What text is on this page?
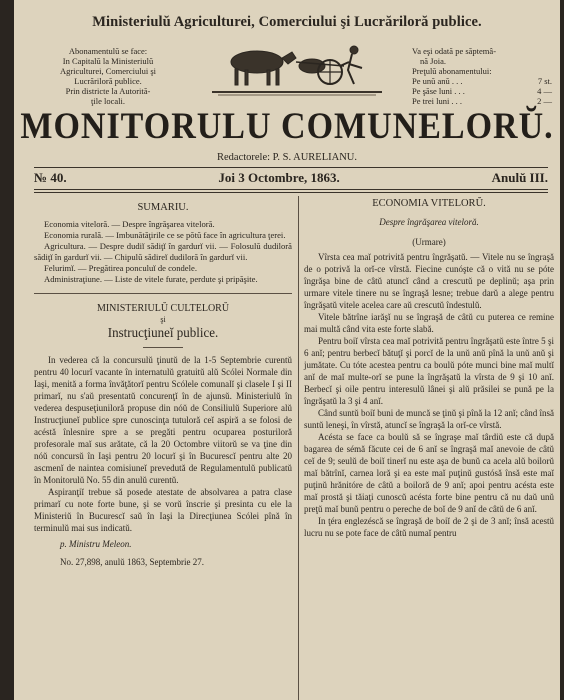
Ministeriulŭ Agriculturei, Comerciului şi Lucrăriloră publice.
Abonamentulŭ se face:
In Capitalŭ la Ministeriulŭ
Agriculturei, Comerciului şi
Lucrăriloră publice.
Prin districte la Autorită-
ţile locali.
Va eşi odată pe săptemâ-
nă Joia.
Preţulŭ abonamentului:
Pe unŭ anŭ . . .	7 st.
Pe şăse luni . . .	4 —
Pe trei luni . . .	2 —
MONITORULU COMUNELORŬ.
Redactorele: P. S. AURELIANU.
№ 40.	Joi 3 Octombre, 1863.	Anulŭ III.
SUMARIU.

Economia viteloră. — Despre îngrăşarea viteloră.

Economia rurală. — Imbunătăţirile ce se pŏtŭ face în agricultura ţerei.

Agricultura. — Despre dudiĭ sădiţĭ în gardurĭ vii. — Folosulŭ dudiloră sădiţĭ în gardurĭ vii. — Chipulŭ sădireĭ dudiloră în gardurĭ vii.

Felurimĭ. — Pregătirea ponculuĭ de condele.

Administraţiune. — Liste de vitele furate, perdute şi pripăşite.

MINISTERIULŬ CULTELORŬ
şi
Instrucţiuneĭ publice.

In vederea că la concursulŭ ţinutŭ de la 1-5 Septembrie curentŭ pentru 40 locurĭ vacante în internatulŭ gratuitŭ alŭ Scólei Normale din Iaşi, menită a forma învăţătorĭ pentru Scólele comunalĭ şi clasele I şi II primarĭ, nu s'aŭ presentatŭ concurenţĭ în de ajunsŭ. Ministeriulŭ în vederea despuseţiuniloră propuse din nóŭ de Consiliulŭ Superiore alŭ Instrucţiuneĭ publice spre cunoscinţa tutuloră ceĭ aspiră a se folosi de acéstă înlesnire spre a se pregăti pentru ocuparea posturiloră profesorale maĭ sus arătate, că la 20 Octombre viitorŭ se va ţine din nóŭ concursŭ în Iaşi pentru 20 locurĭ şi în Bucurescĭ pentru alte 20 ascmenĭ de naintea comisiuneĭ prevedută de Regulamentulŭ publicatŭ în Monitorulŭ No. 55 din anulŭ curentŭ.

Aspiranţiĭ trebue să posede atestate de absolvarea a patra clase primarĭ cu note forte bune, şi se vorŭ înscrie şi presinta cu ele la Ministeriŭ în Bucurescĭ saŭ în Iaşi la Direcţiunea Scólei pînă în terminulŭ mai sus indicatŭ.

p. Ministru Meleon.
No. 27,898, anulŭ 1863, Septembrie 27.
ECONOMIA VITELORŬ.
Despre îngrăşarea viteloră.
(Urmare)

Vîrsta cea maĭ potrivită pentru îngrăşatŭ. — Vitele nu se îngraşă de o potrivă la orĭ-ce vîrstă. Fiecine cunóşte că o vită nu se póte îngrăşa bine de câtŭ atuncĭ când a crescutŭ pe deplinŭ; aşa prin urmare vitele tinere nu se îngraşă lesne; trebue darŭ a alege pentru îngrăşatŭ vitele acelea care aŭ crescutŭ îndestulŭ.

Vitele bătrîne iarăşĭ nu se îngraşă de câtŭ cu puterea ce remine mai multă când vita este forte slabă.

Pentru boiĭ vîrsta cea maĭ potrivită pentru îngrăşatŭ este între 5 şi 6 anĭ; pentru berbecĭ bătuţĭ şi porcĭ de la unŭ anŭ pînă la unŭ anŭ şi jumătate. Cu tóte acestea pentru ca boulŭ póte munci bine maĭ multĭ anĭ de maĭ multe-orĭ se pune la îngrăşatŭ la vîrsta de 9 şi 10 anĭ. Berbecĭ şi oile pentru interesulŭ lânei şi alŭ prăsilei se pună pe la îngrăşatŭ la 3 şi 4 anĭ.

Când suntŭ boiĭ buni de muncă se ţinŭ şi pînă la 12 anĭ; când însă suntŭ leneşi, în vîrstă, atuncĭ se îngraşă la orĭ-ce vîrstă.

Acésta se face ca boulŭ să se îngraşe maĭ târdiŭ este că după bagarea de sémă făcute cei de 6 anĭ se îngraşă maĭ anevoie de câtŭ ceĭ de 9; seulŭ de boiĭ tinerĭ nu este aşa de bunŭ ca acela alŭ boilorŭ maĭ bătrînĭ, carnea loră şi ea este maĭ puţinŭ gustósă însă este maĭ puţinŭ hrănitóre de câtŭ a boiloră de 9 anĭ; apoi pentru acésta este maĭ prostă şi tăiaţi cunoscŭ acésta forte bine pentru că nu daŭ unŭ preţŭ maĭ bunŭ pentru o pereche de boĭ de 9 anĭ de câtŭ de 6 anĭ.

In ţéra englezéscă se îngraşă de boiĭ de 2 şi de 3 anĭ; însă acestŭ lucru nu se pote face de câtŭ numaĭ pentru
